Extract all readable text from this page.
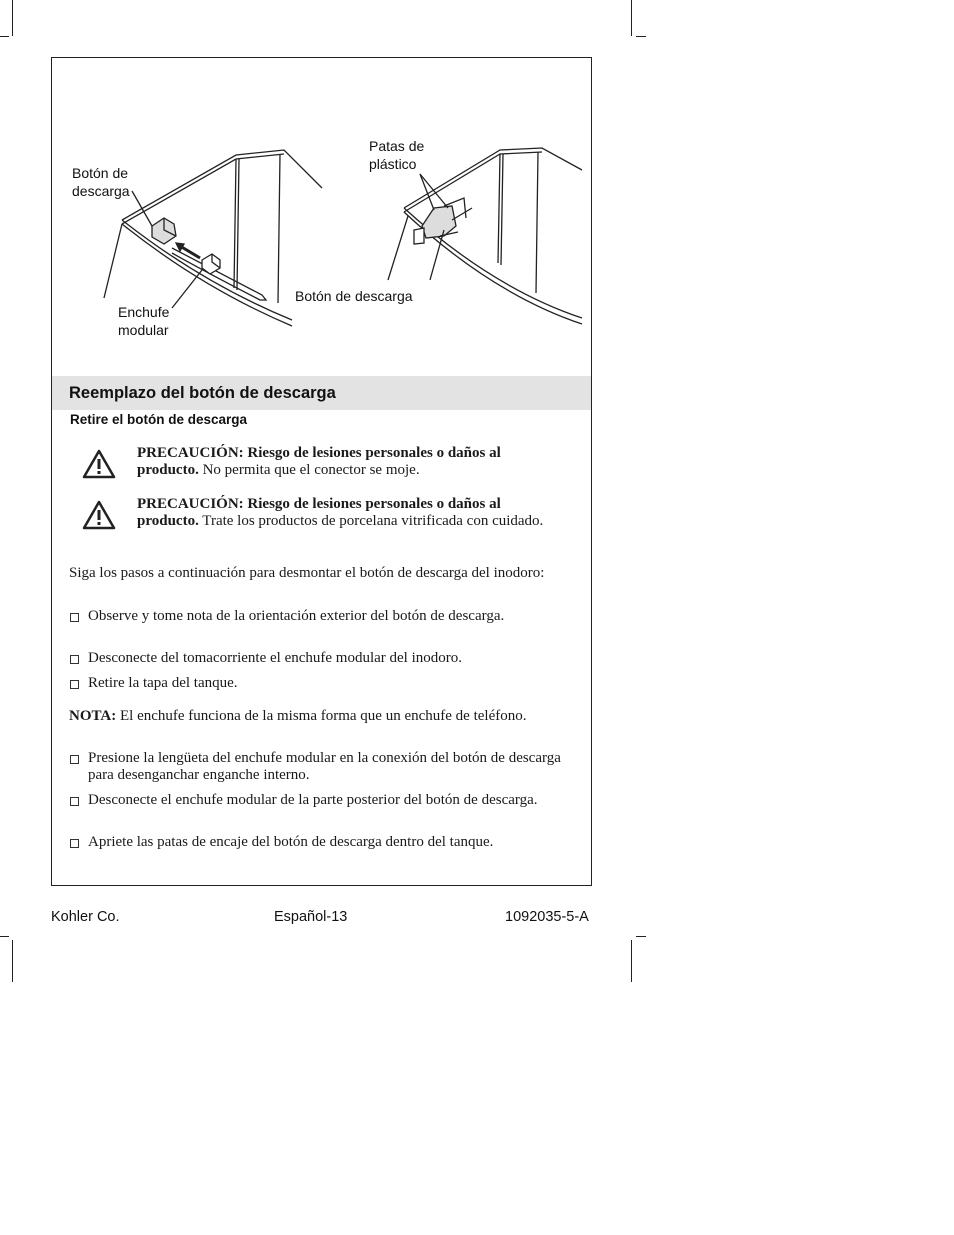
Botón de
descarga
Enchufe
modular
Patas de
plástico
Botón de descarga
Reemplazo del botón de descarga
Retire el botón de descarga
PRECAUCIÓN: Riesgo de lesiones personales o daños al producto. No permita que el conector se moje.
PRECAUCIÓN: Riesgo de lesiones personales o daños al producto. Trate los productos de porcelana vitrificada con cuidado.
Siga los pasos a continuación para desmontar el botón de descarga del inodoro:
Observe y tome nota de la orientación exterior del botón de descarga.
Desconecte del tomacorriente el enchufe modular del inodoro.
Retire la tapa del tanque.
NOTA: El enchufe funciona de la misma forma que un enchufe de teléfono.
Presione la lengüeta del enchufe modular en la conexión del botón de descarga para desenganchar enganche interno.
Desconecte el enchufe modular de la parte posterior del botón de descarga.
Apriete las patas de encaje del botón de descarga dentro del tanque.
Kohler Co.	Español-13	1092035-5-A
